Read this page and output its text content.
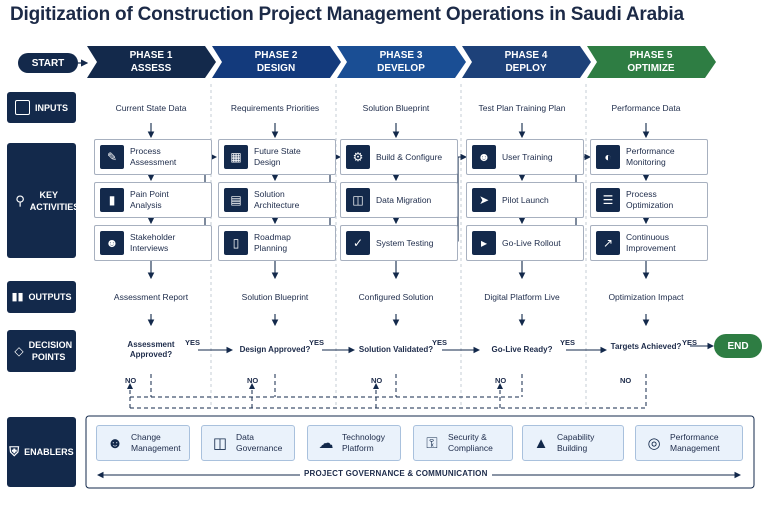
Digitization of Construction Project Management Operations in Saudi Arabia
START
PHASE 1
ASSESS
PHASE 2
DESIGN
PHASE 3
DEVELOP
PHASE 4
DEPLOY
PHASE 5
OPTIMIZE
INPUTS
⚲	KEY ACTIVITIES
▮▮ OUTPUTS
◇ DECISION POINTS
⛨ ENABLERS
Current State Data	Requirements Priorities	Solution Blueprint	Test Plan Training Plan	Performance Data
✎	Process Assessment
▮	Pain Point Analysis
☻	Stakeholder Interviews
▦	Future State Design
▤	Solution Architecture
▯	Roadmap Planning
⚙	Build & Configure
◫	Data Migration
✓	System Testing
☻	User Training
➤	Pilot Launch
▸	Go-Live Rollout
◐	Performance Monitoring
☰	Process Optimization
↗	Continuous Improvement
Assessment Report	Solution Blueprint	Configured Solution	Digital Platform Live	Optimization Impact
Assessment Approved?
Design Approved?	Solution Validated?	Go-Live Ready?	Targets Achieved?
YES	YES	YES	YES	YES
NO	NO	NO	NO	NO
END
☻ Change Management	◫	Data Governance	☁ Technology Platform	⚿	Security & Compliance	▲	Capability Building	◎	Performance Management
PROJECT GOVERNANCE & COMMUNICATION
